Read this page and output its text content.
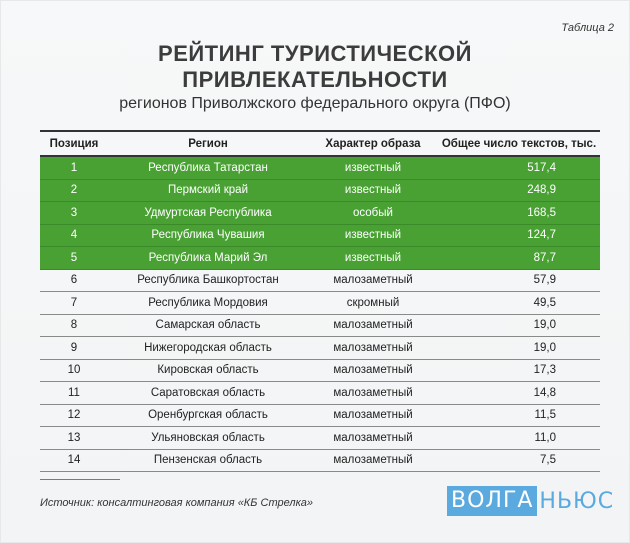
Таблица 2
РЕЙТИНГ ТУРИСТИЧЕСКОЙ
ПРИВЛЕКАТЕЛЬНОСТИ
регионов Приволжского федерального округа (ПФО)
Позиция	Регион	Характер образа	Общее число текстов, тыс.
1	Республика Татарстан	известный	517,4
2	Пермский край	известный	248,9
3	Удмуртская Республика	особый	168,5
4	Республика Чувашия	известный	124,7
5	Республика Марий Эл	известный	87,7
6	Республика Башкортостан	малозаметный	57,9
7	Республика Мордовия	скромный	49,5
8	Самарская область	малозаметный	19,0
9	Нижегородская область	малозаметный	19,0
10	Кировская область	малозаметный	17,3
11	Саратовская область	малозаметный	14,8
12	Оренбургская область	малозаметный	11,5
13	Ульяновская область	малозаметный	11,0
14	Пензенская область	малозаметный	7,5
Источник: консалтинговая компания «КБ Стрелка»	ВОЛГА НЬЮС
